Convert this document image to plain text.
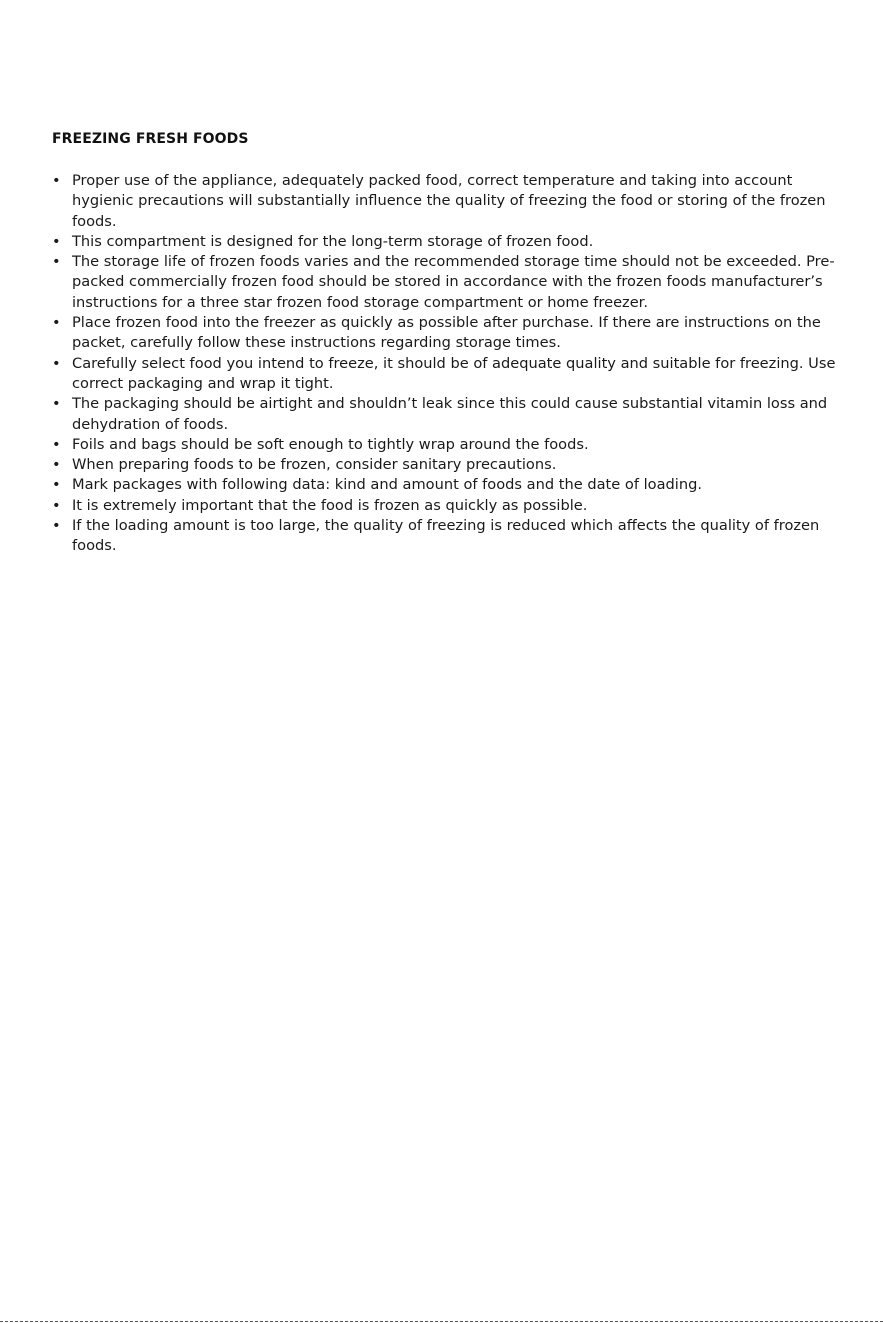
FREEZING FRESH FOODS
• Proper use of the appliance, adequately packed food, correct temperature and taking into account hygienic precautions will substantially influence the quality of freezing the food or storing of the frozen foods.
• This compartment is designed for the long-term storage of frozen food.
• The storage life of frozen foods varies and the recommended storage time should not be exceeded. Pre-packed commercially frozen food should be stored in accordance with the frozen foods manufacturer’s instructions for a three star frozen food storage compartment or home freezer.
• Place frozen food into the freezer as quickly as possible after purchase. If there are instructions on the packet, carefully follow these instructions regarding storage times.
• Carefully select food you intend to freeze, it should be of adequate quality and suitable for freezing. Use correct packaging and wrap it tight.
• The packaging should be airtight and shouldn’t leak since this could cause substantial vitamin loss and dehydration of foods.
• Foils and bags should be soft enough to tightly wrap around the foods.
• When preparing foods to be frozen, consider sanitary precautions.
• Mark packages with following data: kind and amount of foods and the date of loading.
• It is extremely important that the food is frozen as quickly as possible.
• If the loading amount is too large, the quality of freezing is reduced which affects the quality of frozen foods.
